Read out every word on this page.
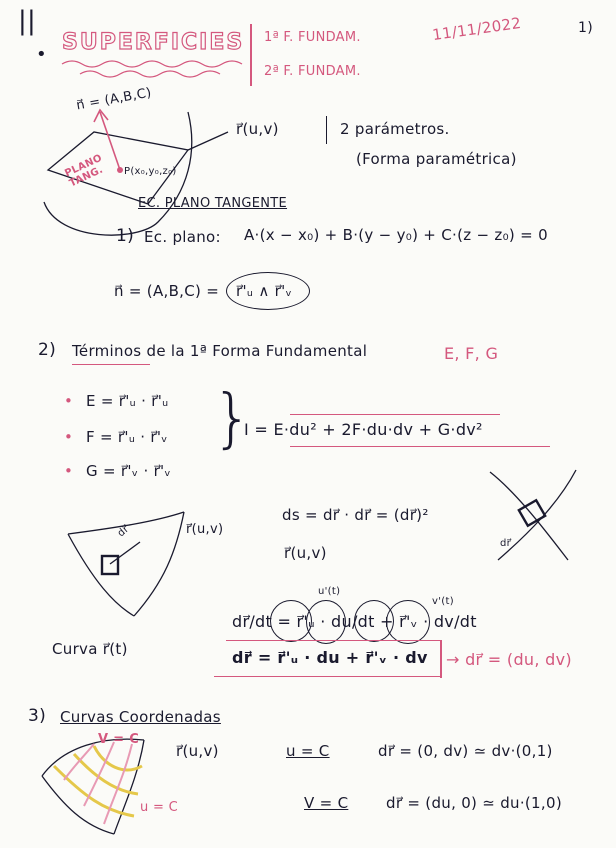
||
• SUPERFICIES 1ª F. FUNDAM.
2ª F. FUNDAM.
11/11/2022	1)
n⃗ = (A,B,C)
PLANO TANG.	P(x₀,y₀,z₀)
r⃗(u,v)	2 parámetros.
(Forma paramétrica)
EC. PLANO TANGENTE
1) Ec. plano: A·(x − x₀) + B·(y − y₀) + C·(z − z₀) = 0
n⃗ = (A,B,C) = r⃗'ᵤ ∧ r⃗'ᵥ
2) Términos de la 1ª Forma Fundamental	E, F, G
• E = r⃗'ᵤ · r⃗'ᵤ
• F = r⃗'ᵤ · r⃗'ᵥ
• G = r⃗'ᵥ · r⃗'ᵥ
}
I = E·du² + 2F·du·dv + G·dv²
dr⃗	r⃗(u,v)
ds = dr⃗ · dr⃗ = (dr⃗)²
r⃗(u,v)
dr⃗
v'(t)
u'(t)
dr⃗/dt = r⃗'ᵤ · du/dt + r⃗'ᵥ · dv/dt
Curva r⃗(t)	dr⃗ = r⃗'ᵤ · du + r⃗'ᵥ · dv → dr⃗ = (du, dv)
3) Curvas Coordenadas
V = C
u = C
r⃗(u,v)	u = C	dr⃗ = (0, dv) ≃ dv·(0,1)
V = C	dr⃗ = (du, 0) ≃ du·(1,0)
